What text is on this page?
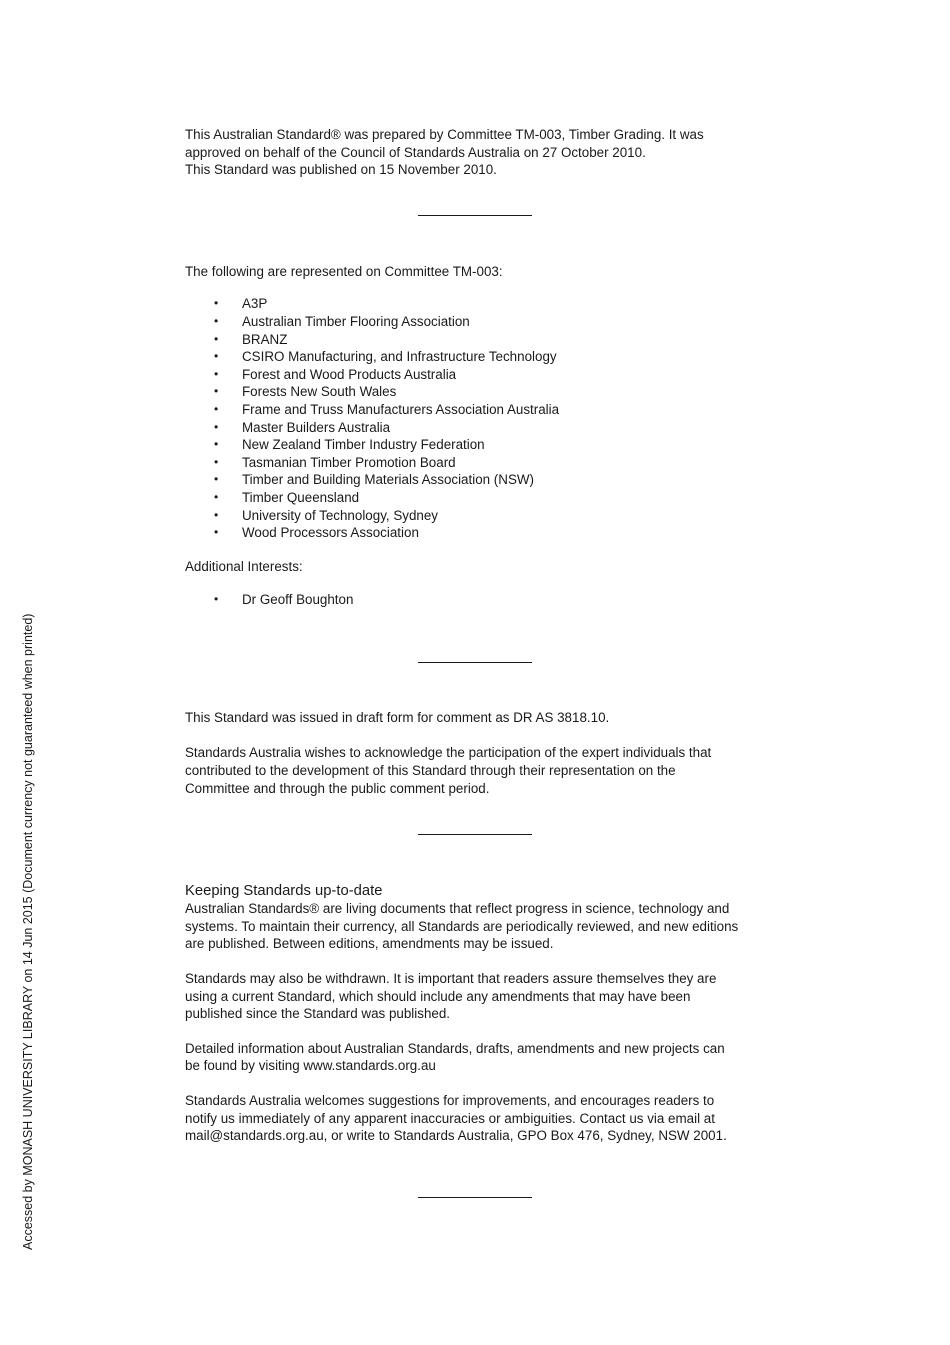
This Australian Standard® was prepared by Committee TM-003, Timber Grading. It was
approved on behalf of the Council of Standards Australia on 27 October 2010.
This Standard was published on 15 November 2010.

The following are represented on Committee TM-003:

• A3P
• Australian Timber Flooring Association
• BRANZ
• CSIRO Manufacturing, and Infrastructure Technology
• Forest and Wood Products Australia
• Forests New South Wales
• Frame and Truss Manufacturers Association Australia
• Master Builders Australia
• New Zealand Timber Industry Federation
• Tasmanian Timber Promotion Board
• Timber and Building Materials Association (NSW)
• Timber Queensland
• University of Technology, Sydney
• Wood Processors Association

Additional Interests:

• Dr Geoff Boughton

This Standard was issued in draft form for comment as DR AS 3818.10.

Standards Australia wishes to acknowledge the participation of the expert individuals that
contributed to the development of this Standard through their representation on the
Committee and through the public comment period.

Keeping Standards up-to-date

Australian Standards® are living documents that reflect progress in science, technology and
systems. To maintain their currency, all Standards are periodically reviewed, and new editions
are published. Between editions, amendments may be issued.

Standards may also be withdrawn. It is important that readers assure themselves they are
using a current Standard, which should include any amendments that may have been
published since the Standard was published.

Detailed information about Australian Standards, drafts, amendments and new projects can
be found by visiting www.standards.org.au

Standards Australia welcomes suggestions for improvements, and encourages readers to
notify us immediately of any apparent inaccuracies or ambiguities. Contact us via email at
mail@standards.org.au, or write to Standards Australia, GPO Box 476, Sydney, NSW 2001.

Accessed by MONASH UNIVERSITY LIBRARY on 14 Jun 2015 (Document currency not guaranteed when printed)
